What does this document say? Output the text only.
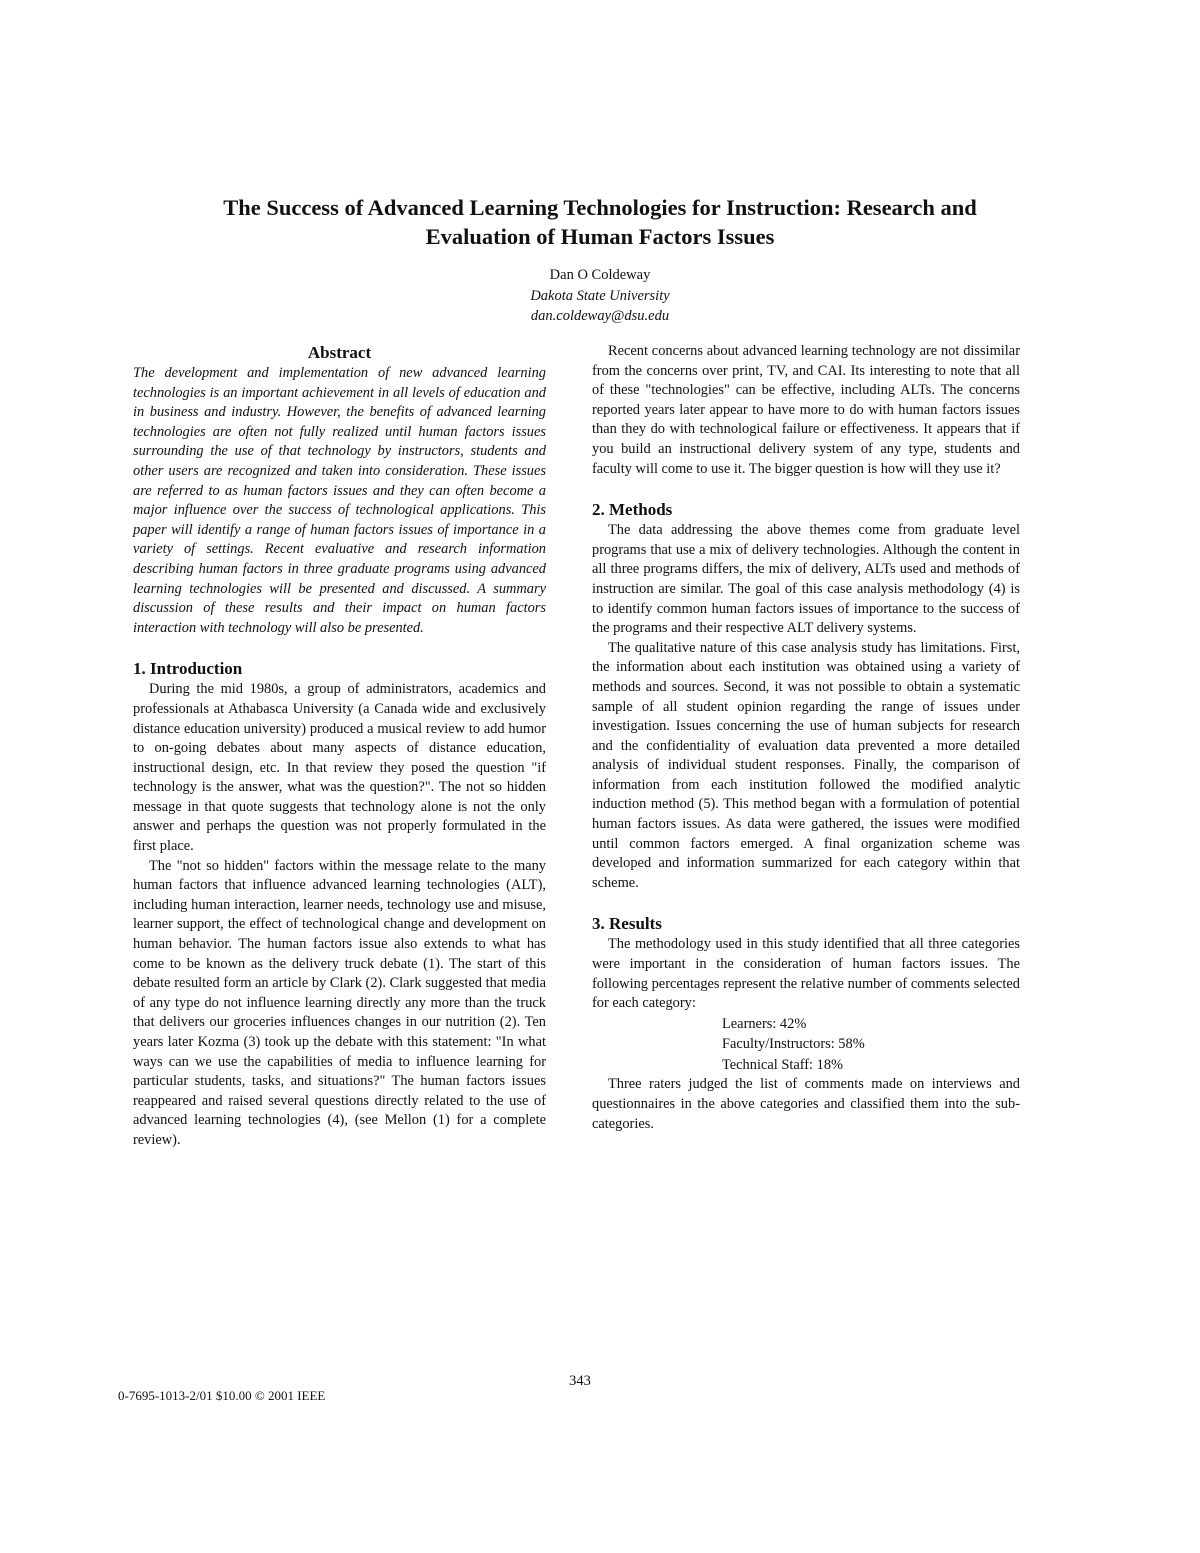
The Success of Advanced Learning Technologies for Instruction: Research and
Evaluation of Human Factors Issues
Dan O Coldeway
Dakota State University
dan.coldeway@dsu.edu
Abstract

The development and implementation of new advanced learning technologies is an important achievement in all levels of education and in business and industry. However, the benefits of advanced learning technologies are often not fully realized until human factors issues surrounding the use of that technology by instructors, students and other users are recognized and taken into consideration. These issues are referred to as human factors issues and they can often become a major influence over the success of technological applications. This paper will identify a range of human factors issues of importance in a variety of settings. Recent evaluative and research information describing human factors in three graduate programs using advanced learning technologies will be presented and discussed. A summary discussion of these results and their impact on human factors interaction with technology will also be presented.

1. Introduction

During the mid 1980s, a group of administrators, academics and professionals at Athabasca University (a Canada wide and exclusively distance education university) produced a musical review to add humor to on-going debates about many aspects of distance education, instructional design, etc. In that review they posed the question "if technology is the answer, what was the question?". The not so hidden message in that quote suggests that technology alone is not the only answer and perhaps the question was not properly formulated in the first place.

The "not so hidden" factors within the message relate to the many human factors that influence advanced learning technologies (ALT), including human interaction, learner needs, technology use and misuse, learner support, the effect of technological change and development on human behavior. The human factors issue also extends to what has come to be known as the delivery truck debate (1). The start of this debate resulted form an article by Clark (2). Clark suggested that media of any type do not influence learning directly any more than the truck that delivers our groceries influences changes in our nutrition (2). Ten years later Kozma (3) took up the debate with this statement: "In what ways can we use the capabilities of media to influence learning for particular students, tasks, and situations?" The human factors issues reappeared and raised several questions directly related to the use of advanced learning technologies (4), (see Mellon (1) for a complete review).

Recent concerns about advanced learning technology are not dissimilar from the concerns over print, TV, and CAI. Its interesting to note that all of these "technologies" can be effective, including ALTs. The concerns reported years later appear to have more to do with human factors issues than they do with technological failure or effectiveness. It appears that if you build an instructional delivery system of any type, students and faculty will come to use it. The bigger question is how will they use it?

2. Methods

The data addressing the above themes come from graduate level programs that use a mix of delivery technologies. Although the content in all three programs differs, the mix of delivery, ALTs used and methods of instruction are similar. The goal of this case analysis methodology (4) is to identify common human factors issues of importance to the success of the programs and their respective ALT delivery systems.

The qualitative nature of this case analysis study has limitations. First, the information about each institution was obtained using a variety of methods and sources. Second, it was not possible to obtain a systematic sample of all student opinion regarding the range of issues under investigation. Issues concerning the use of human subjects for research and the confidentiality of evaluation data prevented a more detailed analysis of individual student responses. Finally, the comparison of information from each institution followed the modified analytic induction method (5). This method began with a formulation of potential human factors issues. As data were gathered, the issues were modified until common factors emerged. A final organization scheme was developed and information summarized for each category within that scheme.

3. Results

The methodology used in this study identified that all three categories were important in the consideration of human factors issues. The following percentages represent the relative number of comments selected for each category:

Learners: 42%
Faculty/Instructors: 58%
Technical Staff: 18%

Three raters judged the list of comments made on interviews and questionnaires in the above categories and classified them into the sub-categories.

343
0-7695-1013-2/01 $10.00 © 2001 IEEE
